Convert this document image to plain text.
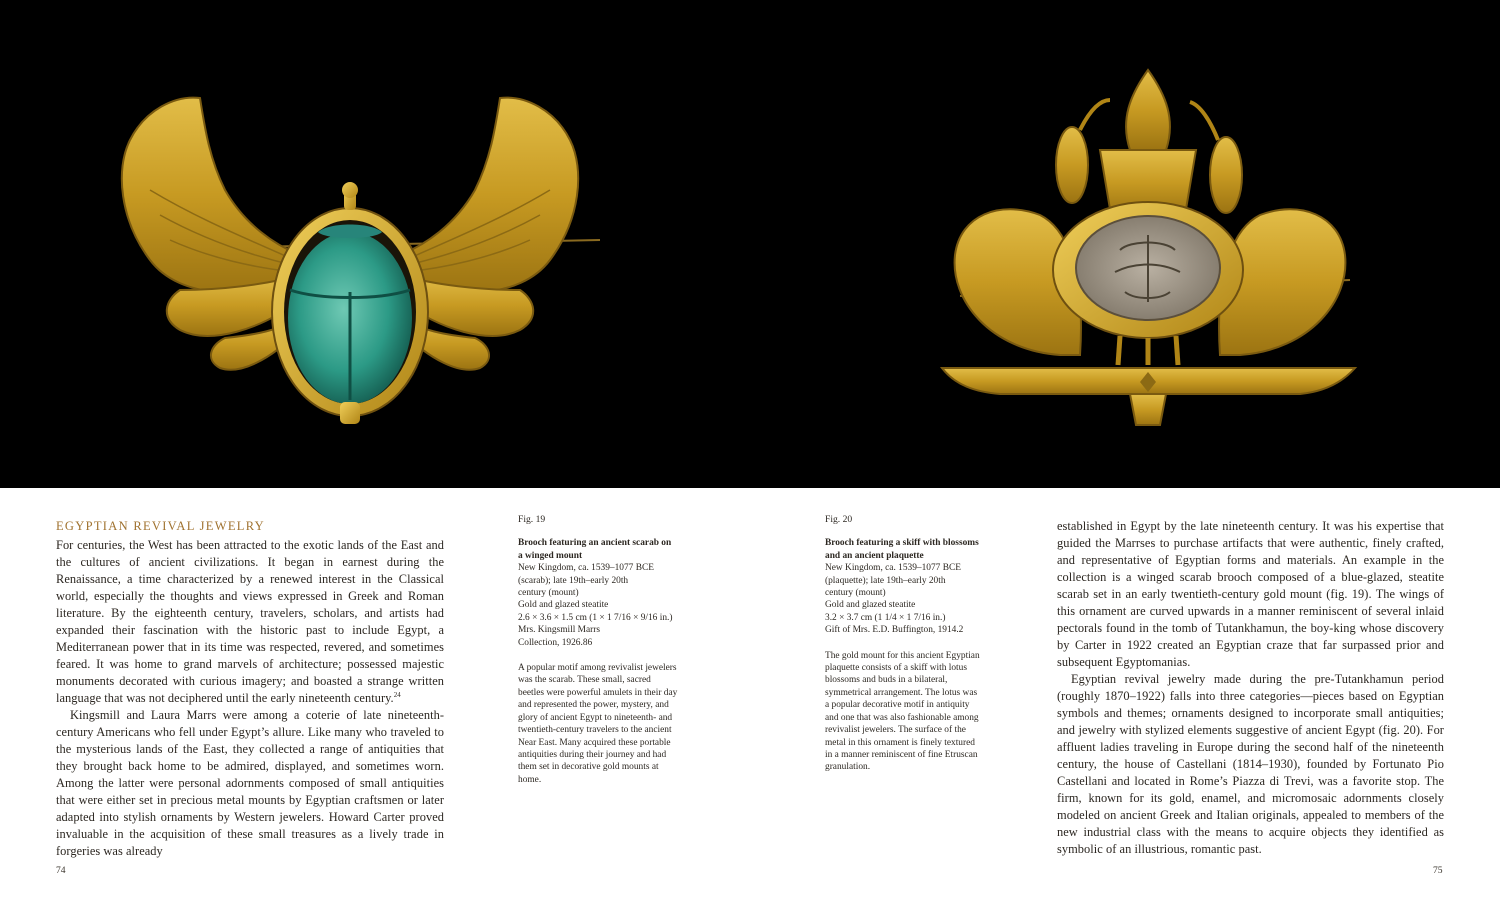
EGYPTIAN REVIVAL JEWELRY

For centuries, the West has been attracted to the exotic lands of the East and the cultures of ancient civilizations. It began in earnest during the Renaissance, a time characterized by a renewed interest in the Classical world, especially the thoughts and views expressed in Greek and Roman literature. By the eighteenth century, travelers, scholars, and artists had expanded their fascination with the historic past to include Egypt, a Mediterranean power that in its time was respected, revered, and sometimes feared. It was home to grand marvels of architecture; possessed majestic monuments decorated with curious imagery; and boasted a strange written language that was not deciphered until the early nineteenth century.$^{24}$

Kingsmill and Laura Marrs were among a coterie of late nineteenth-century Americans who fell under Egypt’s allure. Like many who traveled to the mysterious lands of the East, they collected a range of antiquities that they brought back home to be admired, displayed, and sometimes worn. Among the latter were personal adornments composed of small antiquities that were either set in precious metal mounts by Egyptian craftsmen or later adapted into stylish ornaments by Western jewelers. Howard Carter proved invaluable in the acquisition of these small treasures as a lively trade in forgeries was already

Fig. 19
Brooch featuring an ancient scarab on a winged mount
New Kingdom, ca. 1539–1077 BCE
(scarab); late 19th–early 20th
century (mount)
Gold and glazed steatite
2.6 × 3.6 × 1.5 cm (1 × 1 7/16 × 9/16 in.)
Mrs. Kingsmill Marrs
Collection, 1926.86
A popular motif among revivalist jewelers was the scarab. These small, sacred beetles were powerful amulets in their day and represented the power, mystery, and glory of ancient Egypt to nineteenth- and twentieth-century travelers to the ancient Near East. Many acquired these portable antiquities during their journey and had them set in decorative gold mounts at home.
Fig. 20
Brooch featuring a skiff with blossoms and an ancient plaquette
New Kingdom, ca. 1539–1077 BCE
(plaquette); late 19th–early 20th
century (mount)
Gold and glazed steatite
3.2 × 3.7 cm (1 1/4 × 1 7/16 in.)
Gift of Mrs. E.D. Buffington, 1914.2
The gold mount for this ancient Egyptian plaquette consists of a skiff with lotus blossoms and buds in a bilateral, symmetrical arrangement. The lotus was a popular decorative motif in antiquity and one that was also fashionable among revivalist jewelers. The surface of the metal in this ornament is finely textured in a manner reminiscent of fine Etruscan granulation.

established in Egypt by the late nineteenth century. It was his expertise that guided the Marrses to purchase artifacts that were authentic, finely crafted, and representative of Egyptian forms and materials. An example in the collection is a winged scarab brooch composed of a blue-glazed, steatite scarab set in an early twentieth-century gold mount (fig. 19). The wings of this ornament are curved upwards in a manner reminiscent of several inlaid pectorals found in the tomb of Tutankhamun, the boy-king whose discovery by Carter in 1922 created an Egyptian craze that far surpassed prior and subsequent Egyptomanias.

Egyptian revival jewelry made during the pre-Tutankhamun period (roughly 1870–1922) falls into three categories—pieces based on Egyptian symbols and themes; ornaments designed to incorporate small antiquities; and jewelry with stylized elements suggestive of ancient Egypt (fig. 20). For affluent ladies traveling in Europe during the second half of the nineteenth century, the house of Castellani (1814–1930), founded by Fortunato Pio Castellani and located in Rome’s Piazza di Trevi, was a favorite stop. The firm, known for its gold, enamel, and micromosaic adornments closely modeled on ancient Greek and Italian originals, appealed to members of the new industrial class with the means to acquire objects they identified as symbolic of an illustrious, romantic past.

74	75
